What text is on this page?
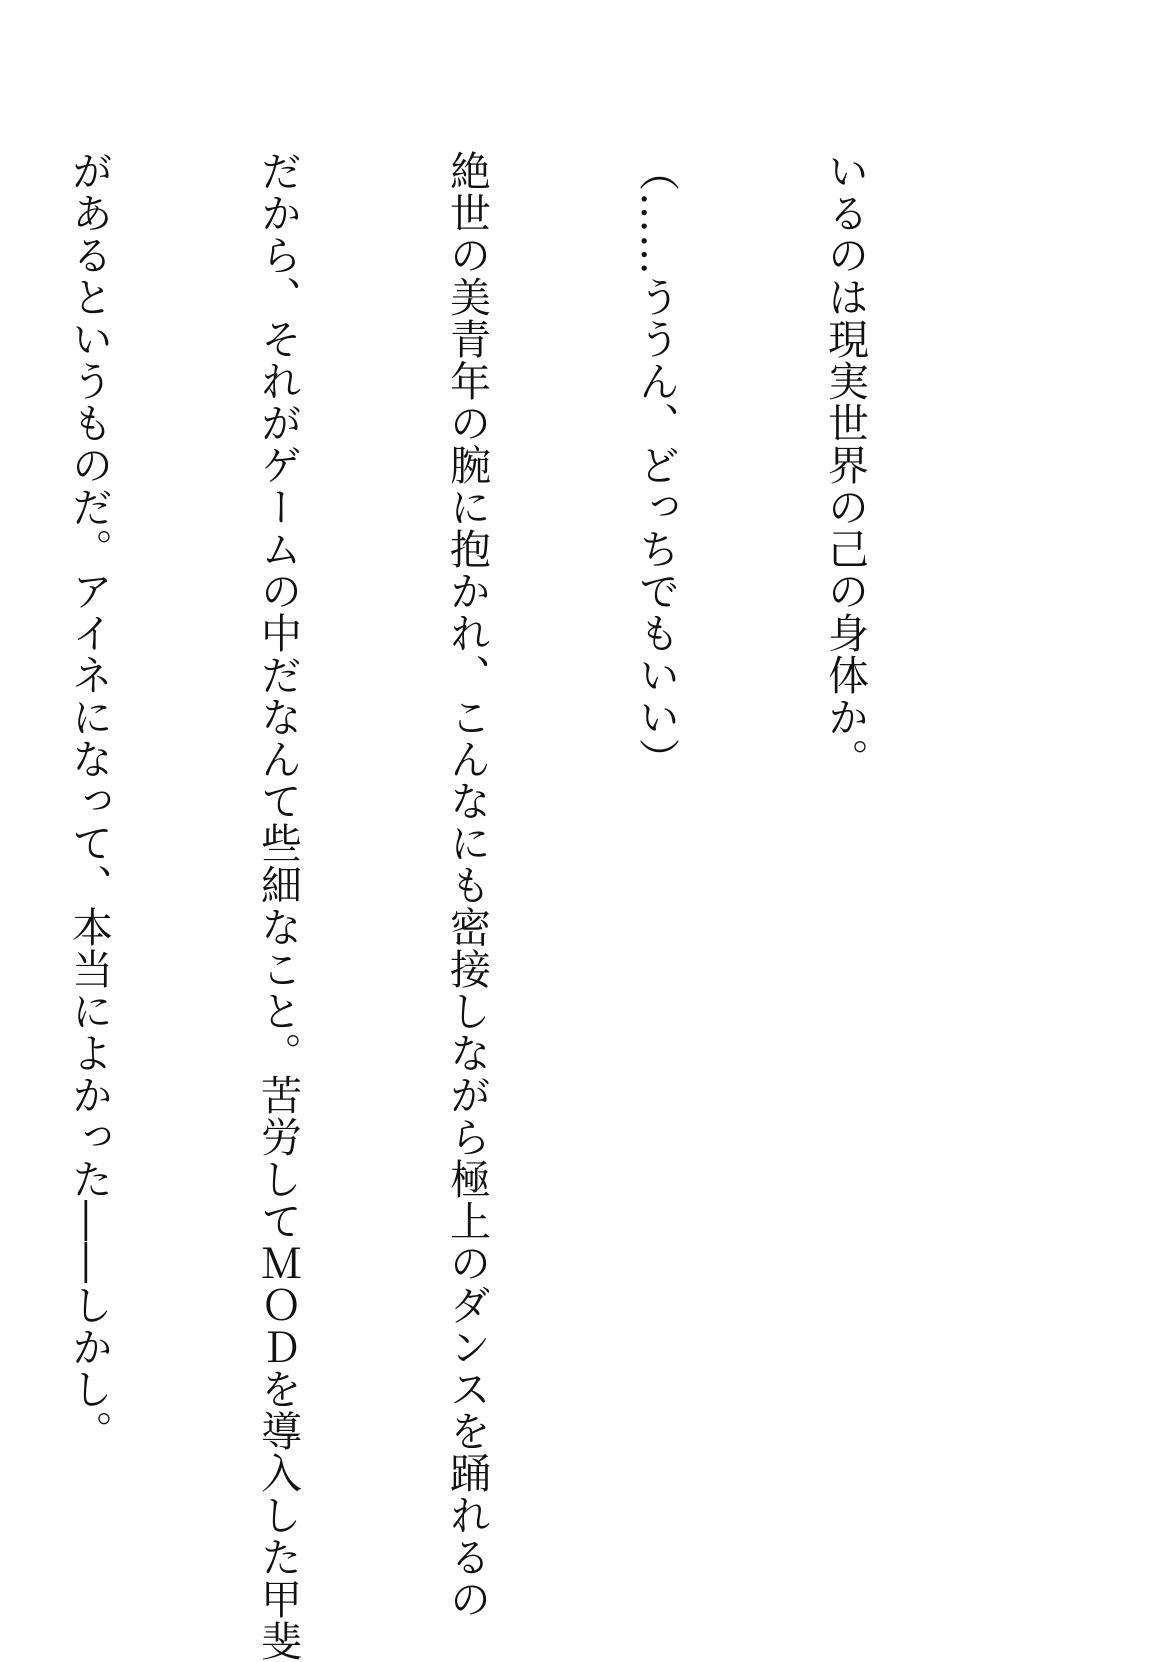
いるのは現実世界の己の身体か。

（……ううん、どっちでもいい）

絶世の美青年の腕に抱かれ、こんなにも密接しながら極上のダンスを踊れるの

だから、それがゲームの中だなんて些細なこと。苦労してＭＯＤを導入した甲斐

があるというものだ。アイネになって、本当によかった――しかし。
